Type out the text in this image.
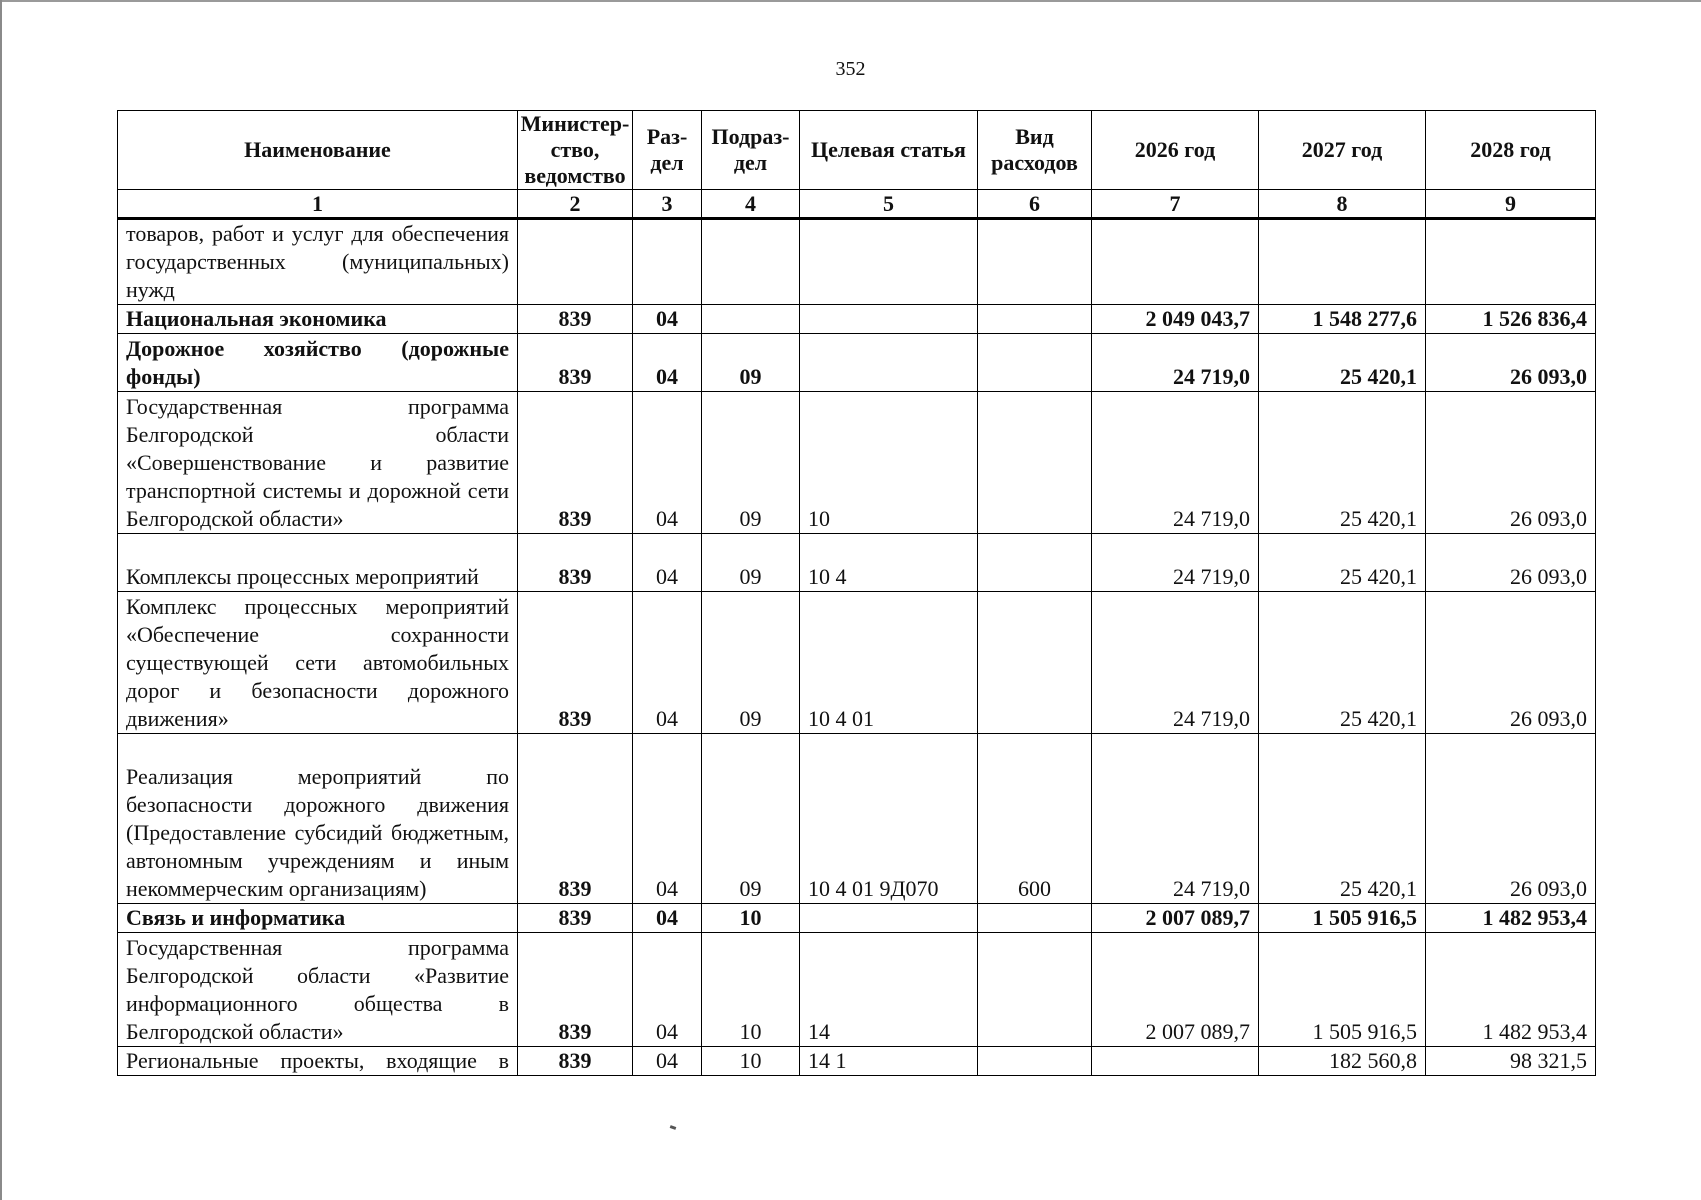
352
Наименование	Министер-ство, ведомство	Раз-дел	Подраз-дел	Целевая статья	Вид расходов	2026 год	2027 год	2028 год
1	2	3	4	5	6	7	8	9
товаров, работ и услуг для обеспечения государственных (муниципальных) нужд								
Национальная экономика	839	04				2 049 043,7	1 548 277,6	1 526 836,4
Дорожное хозяйство (дорожные фонды)	839	04	09			24 719,0	25 420,1	26 093,0
Государственная программа Белгородской области «Совершенствование и развитие транспортной системы и дорожной сети Белгородской области»	839	04	09	10		24 719,0	25 420,1	26 093,0
Комплексы процессных мероприятий	839	04	09	10 4		24 719,0	25 420,1	26 093,0
Комплекс процессных мероприятий «Обеспечение сохранности существующей сети автомобильных дорог и безопасности дорожного движения»	839	04	09	10 4 01		24 719,0	25 420,1	26 093,0
Реализация мероприятий по безопасности дорожного движения (Предоставление субсидий бюджетным, автономным учреждениям и иным некоммерческим организациям)	839	04	09	10 4 01 9Д070	600	24 719,0	25 420,1	26 093,0
Связь и информатика	839	04	10			2 007 089,7	1 505 916,5	1 482 953,4
Государственная программа Белгородской области «Развитие информационного общества в Белгородской области»	839	04	10	14		2 007 089,7	1 505 916,5	1 482 953,4
Региональные проекты, входящие в	839	04	10	14 1			182 560,8	98 321,5
